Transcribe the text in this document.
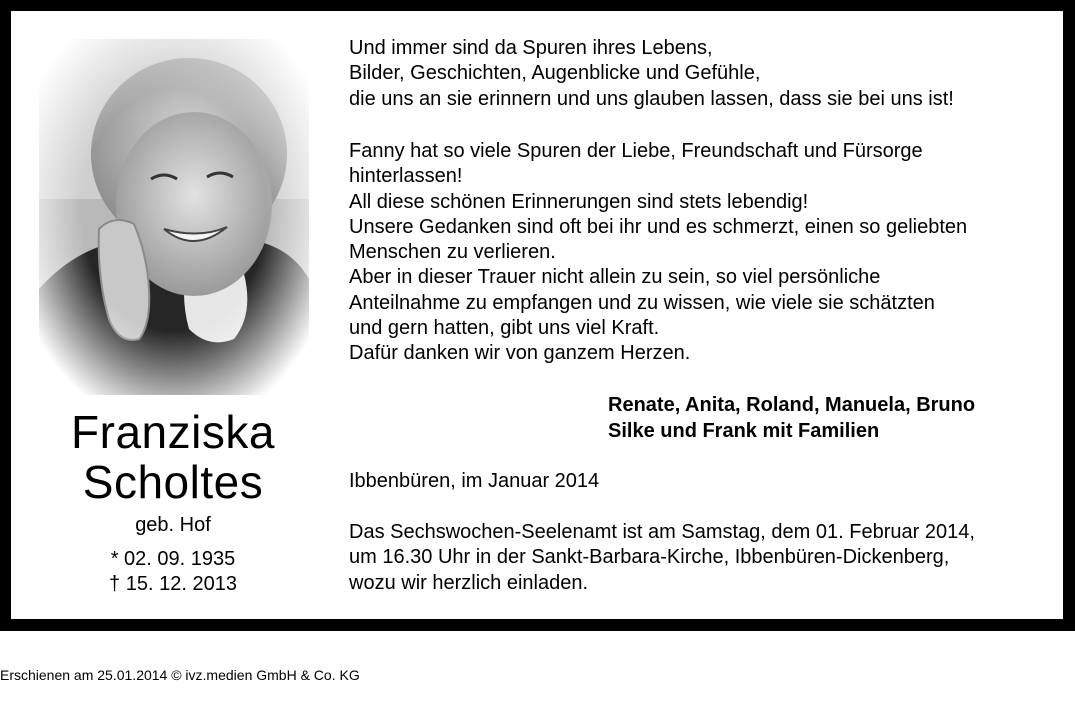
Franziska
Scholtes
geb. Hof
* 02. 09. 1935
† 15. 12. 2013
Und immer sind da Spuren ihres Lebens,
Bilder, Geschichten, Augenblicke und Gefühle,
die uns an sie erinnern und uns glauben lassen, dass sie bei uns ist!
Fanny hat so viele Spuren der Liebe, Freundschaft und Fürsorge
hinterlassen!
All diese schönen Erinnerungen sind stets lebendig!
Unsere Gedanken sind oft bei ihr und es schmerzt, einen so geliebten
Menschen zu verlieren.
Aber in dieser Trauer nicht allein zu sein, so viel persönliche
Anteilnahme zu empfangen und zu wissen, wie viele sie schätzten
und gern hatten, gibt uns viel Kraft.
Dafür danken wir von ganzem Herzen.
Renate, Anita, Roland, Manuela, Bruno
Silke und Frank mit Familien
Ibbenbüren, im Januar 2014
Das Sechswochen-Seelenamt ist am Samstag, dem 01. Februar 2014,
um 16.30 Uhr in der Sankt-Barbara-Kirche, Ibbenbüren-Dickenberg,
wozu wir herzlich einladen.
Erschienen am 25.01.2014 © ivz.medien GmbH & Co. KG
